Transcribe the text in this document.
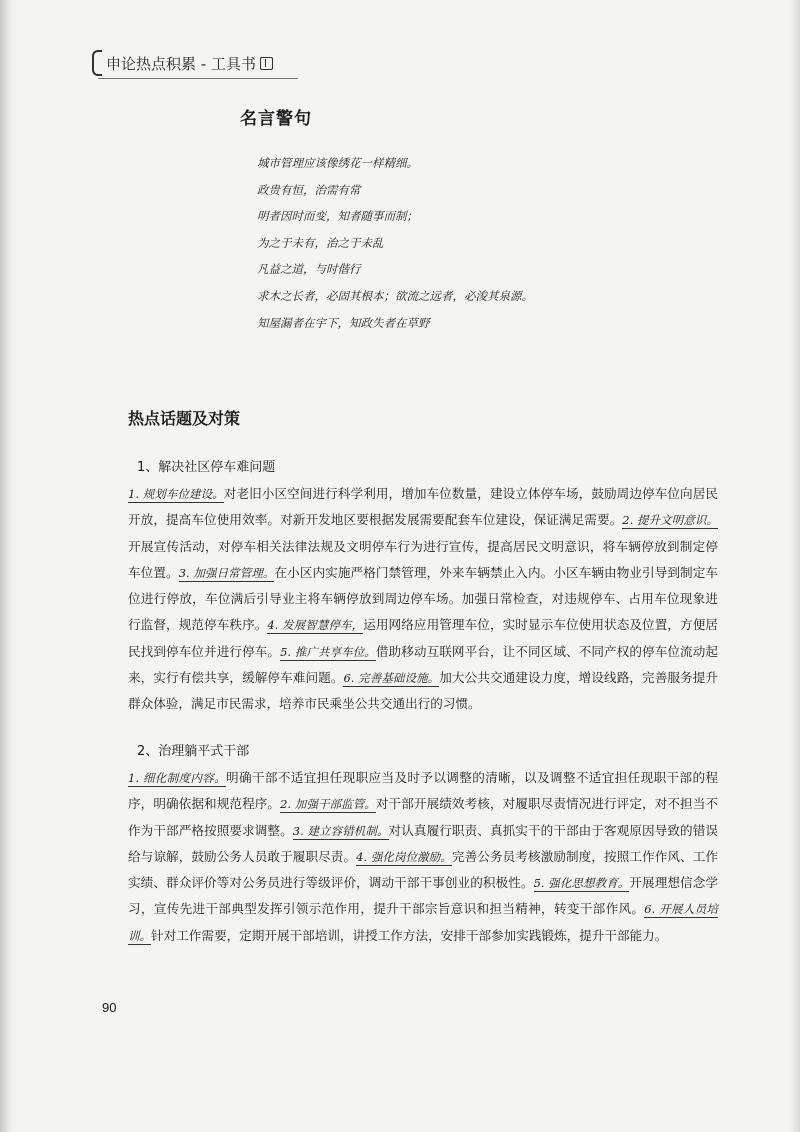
申论热点积累 - 工具书
名言警句
城市管理应该像绣花一样精细。
政贵有恒，治需有常
明者因时而变，知者随事而制；
为之于未有，治之于未乱
凡益之道，与时偕行
求木之长者，必固其根本；欲流之远者，必浚其泉源。
知屋漏者在宇下，知政失者在草野
热点话题及对策
1、解决社区停车难问题

1. 规划车位建设。对老旧小区空间进行科学利用，增加车位数量，建设立体停车场，鼓励周边停车位向居民开放，提高车位使用效率。对新开发地区要根据发展需要配套车位建设，保证满足需要。2. 提升文明意识。开展宣传活动，对停车相关法律法规及文明停车行为进行宣传，提高居民文明意识，将车辆停放到制定停车位置。3. 加强日常管理。在小区内实施严格门禁管理，外来车辆禁止入内。小区车辆由物业引导到制定车位进行停放，车位满后引导业主将车辆停放到周边停车场。加强日常检查，对违规停车、占用车位现象进行监督，规范停车秩序。4. 发展智慧停车，运用网络应用管理车位，实时显示车位使用状态及位置，方便居民找到停车位并进行停车。5. 推广共享车位。借助移动互联网平台，让不同区域、不同产权的停车位流动起来，实行有偿共享，缓解停车难问题。6. 完善基础设施。加大公共交通建设力度，增设线路，完善服务提升群众体验，满足市民需求，培养市民乘坐公共交通出行的习惯。

2、治理躺平式干部

1. 细化制度内容。明确干部不适宜担任现职应当及时予以调整的清晰，以及调整不适宜担任现职干部的程序，明确依据和规范程序。2. 加强干部监管。对干部开展绩效考核，对履职尽责情况进行评定，对不担当不作为干部严格按照要求调整。3. 建立容错机制。对认真履行职责、真抓实干的干部由于客观原因导致的错误给与谅解，鼓励公务人员敢于履职尽责。4. 强化岗位激励。完善公务员考核激励制度，按照工作作风、工作实绩、群众评价等对公务员进行等级评价，调动干部干事创业的积极性。5. 强化思想教育。开展理想信念学习，宣传先进干部典型发挥引领示范作用，提升干部宗旨意识和担当精神，转变干部作风。6. 开展人员培训。针对工作需要，定期开展干部培训，讲授工作方法，安排干部参加实践锻炼，提升干部能力。

90
